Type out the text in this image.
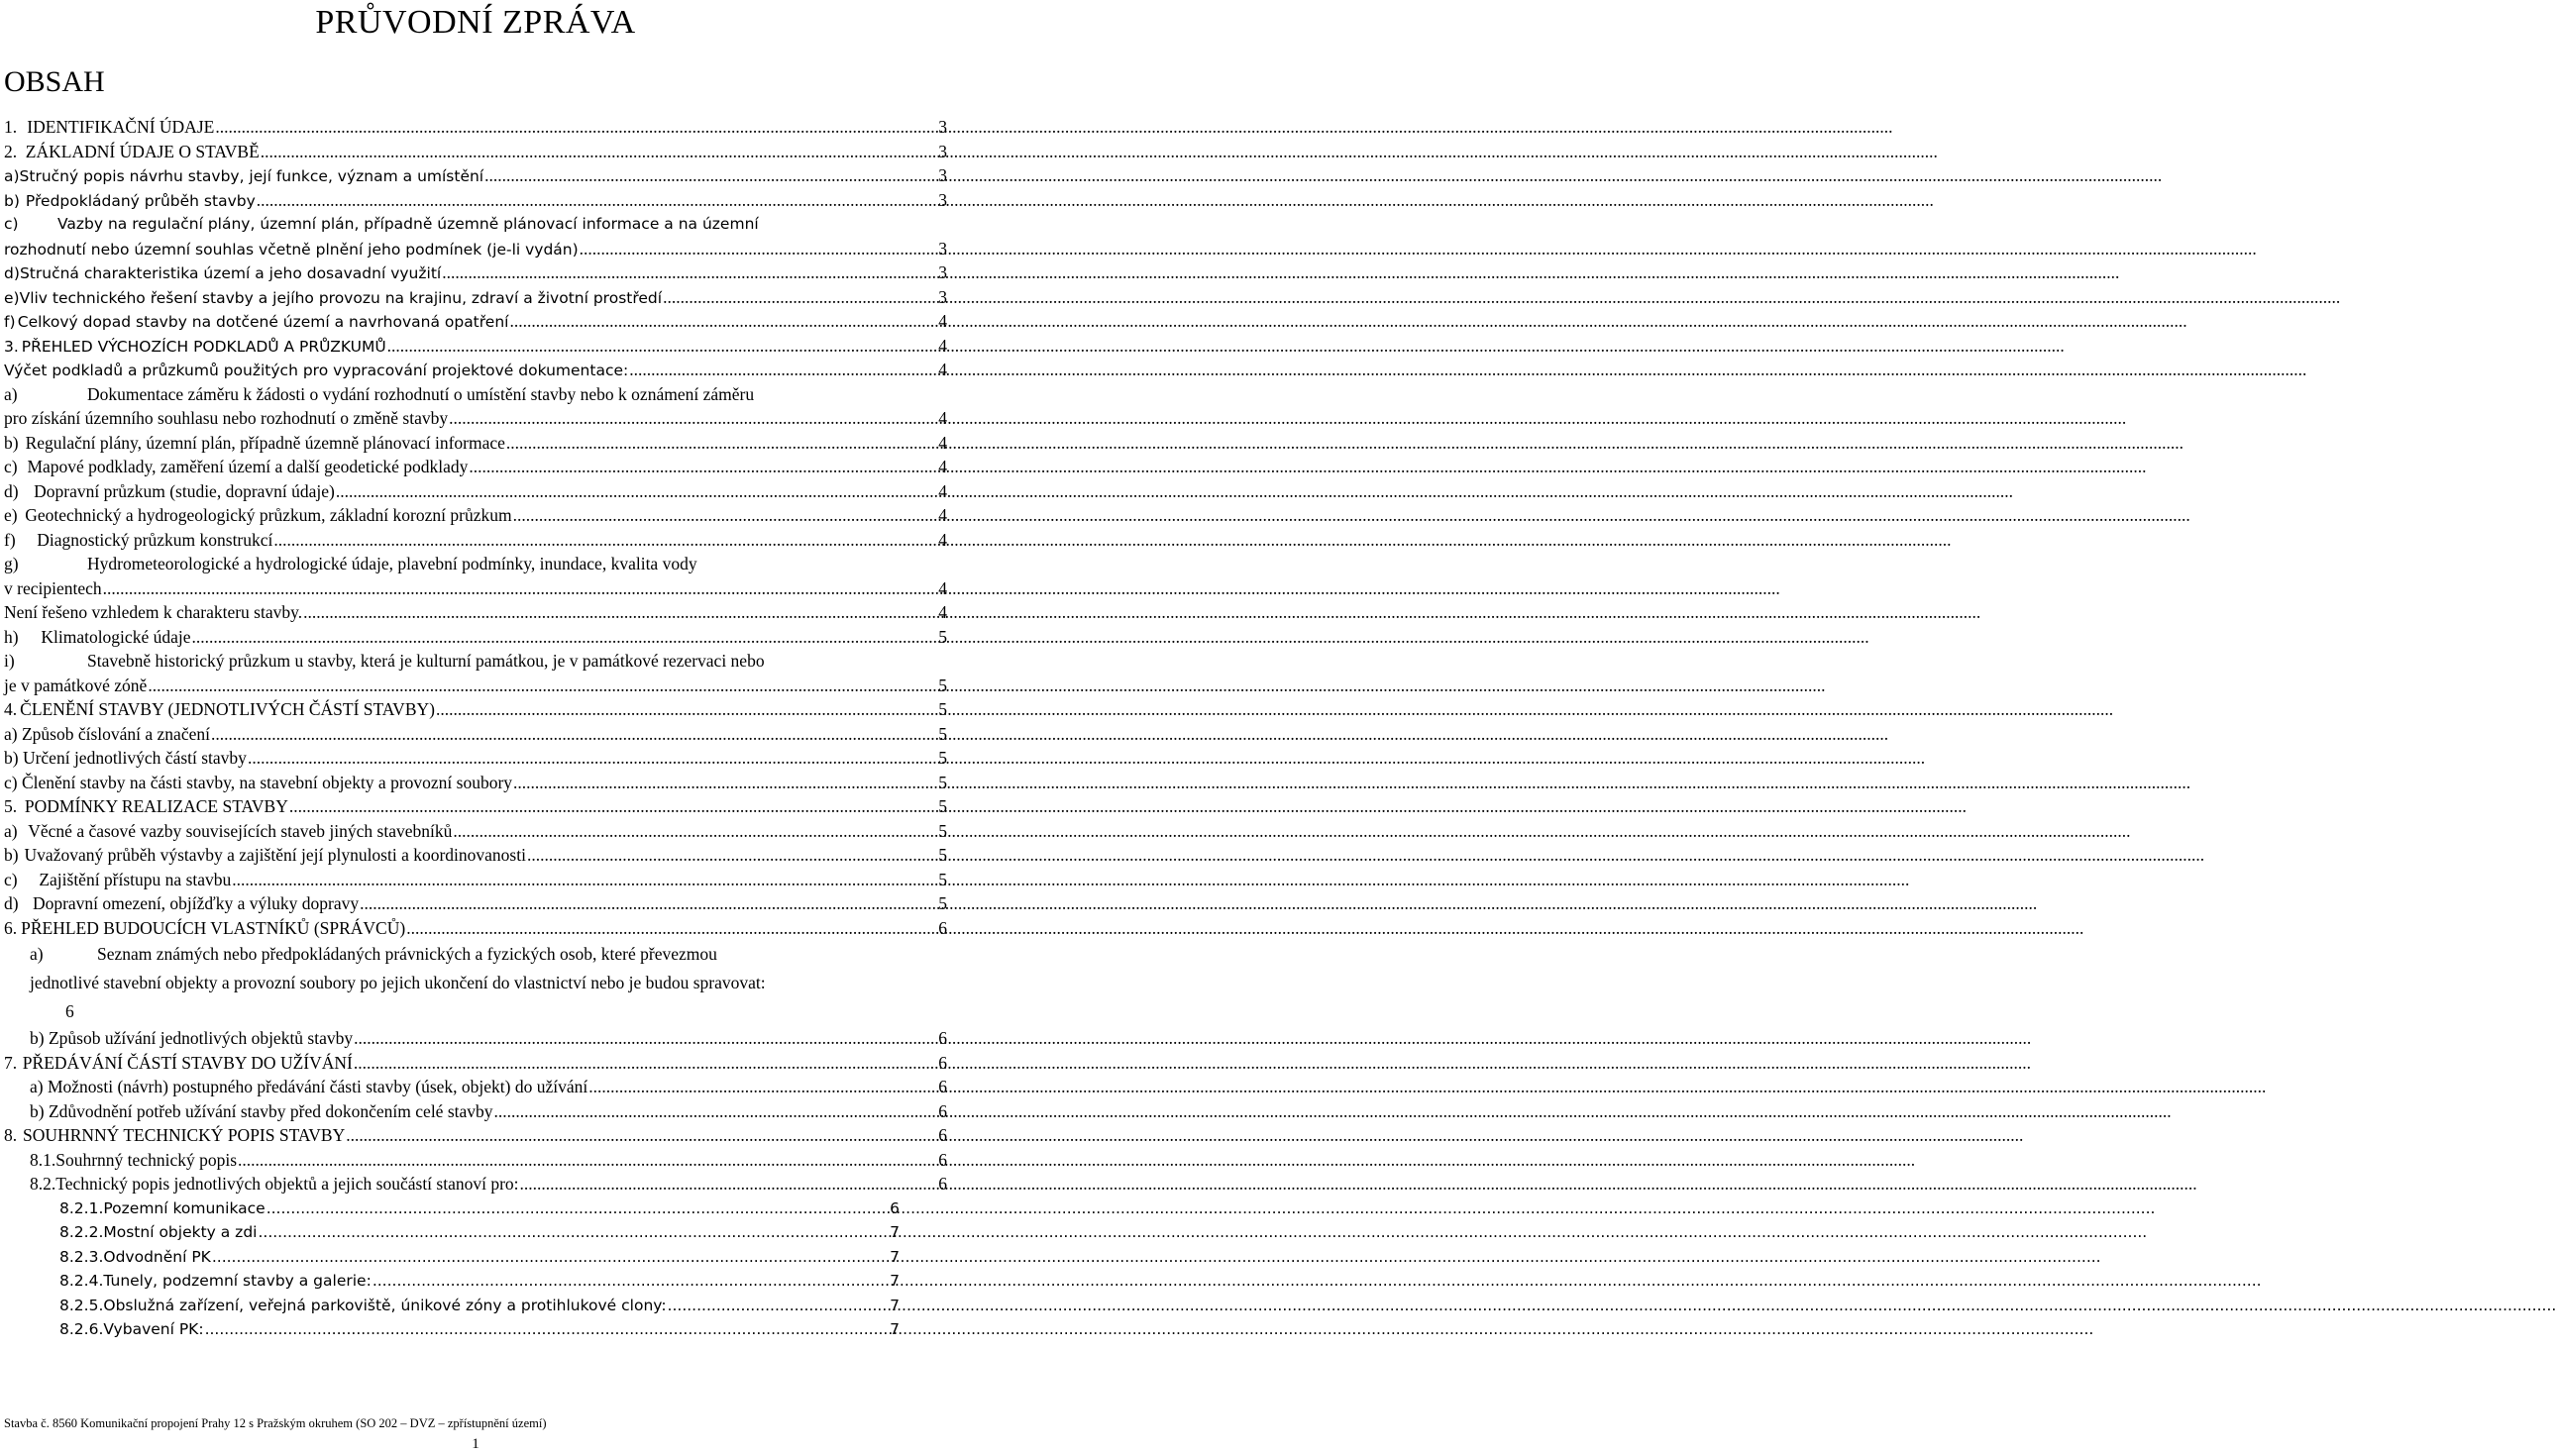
PRŮVODNÍ ZPRÁVA
OBSAH
1. IDENTIFIKAČNÍ ÚDAJE .....	3
2. ZÁKLADNÍ ÚDAJE O STAVBĚ .....	3
a) Stručný popis návrhu stavby, její funkce, význam a umístění .....	3
b) Předpokládaný průběh stavby .....	3
c)	Vazby na regulační plány, územní plán, případně územně plánovací informace a na územní
rozhodnutí nebo územní souhlas včetně plnění jeho podmínek (je-li vydán) .....	3
d) Stručná charakteristika území a jeho dosavadní využití .....	3
e) Vliv technického řešení stavby a jejího provozu na krajinu, zdraví a životní prostředí .....	3
f) Celkový dopad stavby na dotčené území a navrhovaná opatření .....	4
3. PŘEHLED VÝCHOZÍCH PODKLADŮ A PRŮZKUMŮ .....	4
Výčet podkladů a průzkumů použitých pro vypracování projektové dokumentace: .....	4
a)	Dokumentace záměru k žádosti o vydání rozhodnutí o umístění stavby nebo k oznámení záměru
pro získání územního souhlasu nebo rozhodnutí o změně stavby .....	4
b) Regulační plány, územní plán, případně územně plánovací informace .....	4
c) Mapové podklady, zaměření území a další geodetické podklady .....	4
d) Dopravní průzkum (studie, dopravní údaje) .....	4
e) Geotechnický a hydrogeologický průzkum, základní korozní průzkum .....	4
f)	Diagnostický průzkum konstrukcí .....	4
g)	Hydrometeorologické a hydrologické údaje, plavební podmínky, inundace, kvalita vody
v recipientech .....	4
Není řešeno vzhledem k charakteru stavby. .....	4
h)	Klimatologické údaje .....	5
i)	Stavebně historický průzkum u stavby, která je kulturní památkou, je v památkové rezervaci nebo
je v památkové zóně .....	5
4. ČLENĚNÍ STAVBY (JEDNOTLIVÝCH ČÁSTÍ STAVBY) .....	5
a) Způsob číslování a značení .....	5
b) Určení jednotlivých částí stavby .....	5
c) Členění stavby na části stavby, na stavební objekty a provozní soubory .....	5
5. PODMÍNKY REALIZACE STAVBY .....	5
a) Věcné a časové vazby souvisejících staveb jiných stavebníků .....	5
b) Uvažovaný průběh výstavby a zajištění její plynulosti a koordinovanosti .....	5
c)	Zajištění přístupu na stavbu .....	5
d) Dopravní omezení, objížďky a výluky dopravy .....	5
6. PŘEHLED BUDOUCÍCH VLASTNÍKŮ (SPRÁVCŮ) .....	6
a)	Seznam známých nebo předpokládaných právnických a fyzických osob, které převezmou
jednotlivé stavební objekty a provozní soubory po jejich ukončení do vlastnictví nebo je budou spravovat:
6
b) Způsob užívání jednotlivých objektů stavby .....	6
7. PŘEDÁVÁNÍ ČÁSTÍ STAVBY DO UŽÍVÁNÍ .....	6
a) Možnosti (návrh) postupného předávání části stavby (úsek, objekt) do užívání .....	6
b) Zdůvodnění potřeb užívání stavby před dokončením celé stavby .....	6
8. SOUHRNNÝ TECHNICKÝ POPIS STAVBY .....	6
8.1. Souhrnný technický popis .....	6
8.2. Technický popis jednotlivých objektů a jejich součástí stanoví pro: .....	6
8.2.1. Pozemní komunikace .....	6
8.2.2. Mostní objekty a zdi .....	7
8.2.3. Odvodnění PK .....	7
8.2.4. Tunely, podzemní stavby a galerie: .....	7
8.2.5. Obslužná zařízení, veřejná parkoviště, únikové zóny a protihlukové clony: .....	7
8.2.6. Vybavení PK: .....	7
Stavba č. 8560 Komunikační propojení Prahy 12 s Pražským okruhem (SO 202 – DVZ – zpřístupnění území)
1
